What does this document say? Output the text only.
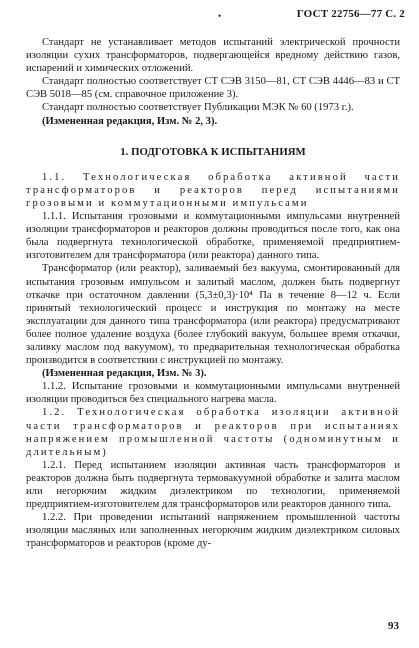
•	ГОСТ 22756—77 С. 2

Стандарт не устанавливает методов испытаний электрической прочности изоляции сухих трансформаторов, подвергающейся вредному действию газов, испарений и химических отложений.

Стандарт полностью соответствует СТ СЭВ 3150—81, СТ СЭВ 4446—83 и СТ СЭВ 5018—85 (см. справочное приложение 3).

Стандарт полностью соответствует Публикации МЭК № 60 (1973 г.).

(Измененная редакция, Изм. № 2, 3).

1. ПОДГОТОВКА К ИСПЫТАНИЯМ

1.1. Технологическая обработка активной части трансформаторов и реакторов перед испытаниями грозовыми и коммутационными импульсами

1.1.1. Испытания грозовыми и коммутационными импульсами внутренней изоляции трансформаторов и реакторов должны проводиться после того, как она была подвергнута технологической обработке, применяемой предприятием-изготовителем для трансформатора (или реактора) данного типа.

Трансформатор (или реактор), заливаемый без вакуума, смонтированный для испытания грозовым импульсом и залитый маслом, должен быть подвергнут откачке при остаточном давлении (5,3±0,3)·10⁴ Па в течение 8—12 ч. Если принятый технологический процесс и инструкция по монтажу на месте эксплуатации для данного типа трансформатора (или реактора) предусматривают более полное удаление воздуха (более глубокий вакуум, большее время откачки, заливку маслом под вакуумом), то предварительная технологическая обработка производится в соответствии с инструкцией по монтажу.

(Измененная редакция, Изм. № 3).

1.1.2. Испытание грозовыми и коммутационными импульсами внутренней изоляции проводиться без специального нагрева масла.

1.2. Технологическая обработка изоляции активной части трансформаторов и реакторов при испытаниях напряжением промышленной частоты (одноминутным и длительным)

1.2.1. Перед испытанием изоляции активная часть трансформаторов и реакторов должна быть подвергнута термовакуумной обработке и залита маслом или негорючим жидким диэлектриком по технологии, применяемой предприятием-изготовителем для трансформаторов или реакторов данного типа.

1.2.2. При проведении испытаний напряжением промышленной частоты изоляции масляных или заполненных негорючим жидким диэлектриком силовых трансформаторов и реакторов (кроме ду-

93
